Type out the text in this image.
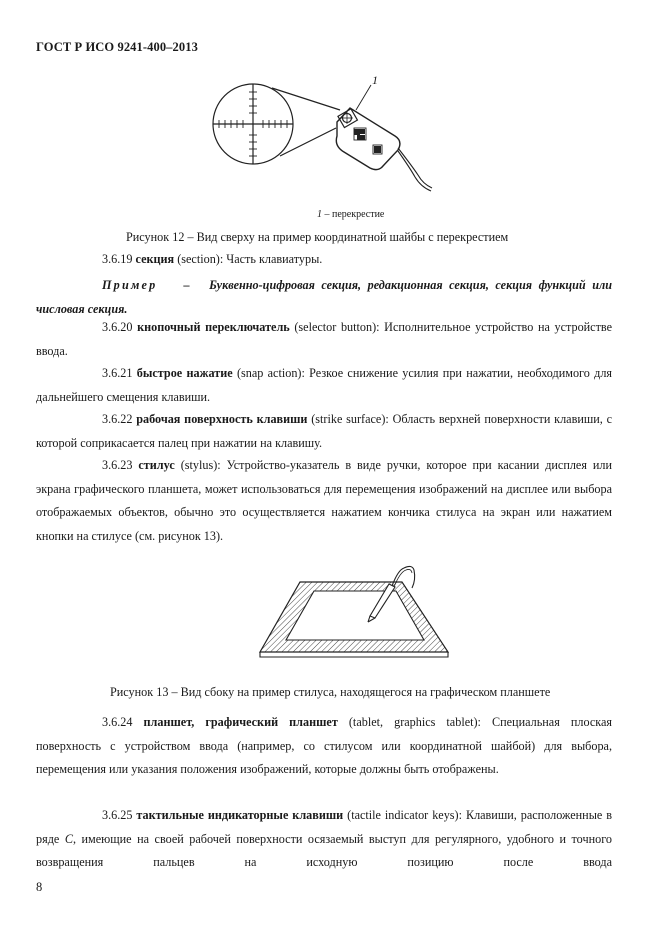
ГОСТ Р ИСО 9241-400–2013
1
1 – перекрестие
Рисунок 12 – Вид сверху на пример координатной шайбы с перекрестием

3.6.19 секция (section): Часть клавиатуры.

Пример – Буквенно-цифровая секция, редакционная секция, секция функций или числовая секция.

3.6.20 кнопочный переключатель (selector button): Исполнительное устройство на устройстве ввода.

3.6.21 быстрое нажатие (snap action): Резкое снижение усилия при нажатии, необходимого для дальнейшего смещения клавиши.

3.6.22 рабочая поверхность клавиши (strike surface): Область верхней поверхности клавиши, с которой соприкасается палец при нажатии на клавишу.

3.6.23 стилус (stylus): Устройство-указатель в виде ручки, которое при касании дисплея или экрана графического планшета, может использоваться для перемещения изображений на дисплее или выбора отображаемых объектов, обычно это осуществляется нажатием кончика стилуса на экран или нажатием кнопки на стилусе (см. рисунок 13).

Рисунок 13 – Вид сбоку на пример стилуса, находящегося на графическом планшете

3.6.24 планшет, графический планшет (tablet, graphics tablet): Специальная плоская поверхность с устройством ввода (например, со стилусом или координатной шайбой) для выбора, перемещения или указания положения изображений, которые должны быть отображены.

3.6.25 тактильные индикаторные клавиши (tactile indicator keys): Клавиши, расположенные в ряде С, имеющие на своей рабочей поверхности осязаемый выступ для регулярного, удобного и точного возвращения пальцев на исходную позицию после ввода

8
